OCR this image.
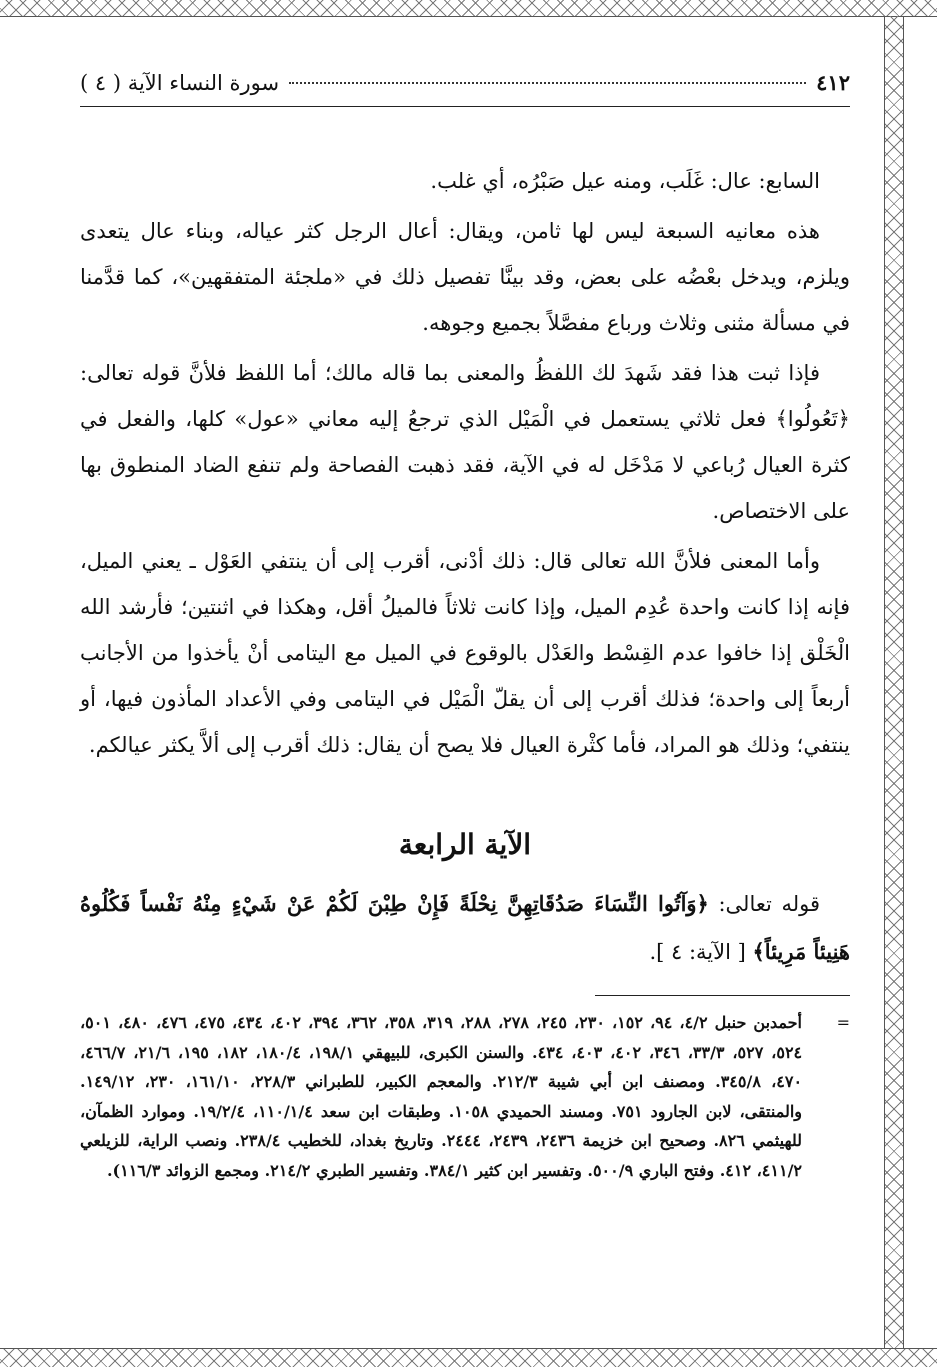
٤١٢
سورة النساء الآية ( ٤ )

السابع: عال: غَلَب، ومنه عيل صَبْرُه، أي غلب.

هذه معانيه السبعة ليس لها ثامن، ويقال: أعال الرجل كثر عياله، وبناء عال يتعدى ويلزم، ويدخل بعْضُه على بعض، وقد بينَّا تفصيل ذلك في «ملجئة المتفقهين»، كما قدَّمنا في مسألة مثنى وثلاث ورباع مفصَّلاً بجميع وجوهه.

فإذا ثبت هذا فقد شَهدَ لك اللفظُ والمعنى بما قاله مالك؛ أما اللفظ فلأنَّ قوله تعالى: ﴿تَعُولُوا﴾ فعل ثلاثي يستعمل في الْمَيْل الذي ترجعُ إليه معاني «عول» كلها، والفعل في كثرة العيال رُباعي لا مَدْخَل له في الآية، فقد ذهبت الفصاحة ولم تنفع الضاد المنطوق بها على الاختصاص.

وأما المعنى فلأنَّ الله تعالى قال: ذلك أدْنى، أقرب إلى أن ينتفي العَوْل ـ يعني الميل، فإنه إذا كانت واحدة عُدِم الميل، وإذا كانت ثلاثاً فالميلُ أقل، وهكذا في اثنتين؛ فأرشد الله الْخَلْق إذا خافوا عدم القِسْط والعَدْل بالوقوع في الميل مع اليتامى أنْ يأخذوا من الأجانب أربعاً إلى واحدة؛ فذلك أقرب إلى أن يقلّ الْمَيْل في اليتامى وفي الأعداد المأذون فيها، أو ينتفي؛ وذلك هو المراد، فأما كثْرة العيال فلا يصح أن يقال: ذلك أقرب إلى ألاَّ يكثر عيالكم.

الآية الرابعة

قوله تعالى: ﴿وَآتُوا النِّسَاءَ صَدُقَاتِهِنَّ نِحْلَةً فَإِنْ طِبْنَ لَكُمْ عَنْ شَيْءٍ مِنْهُ نَفْساً فَكُلُوهُ هَنِيئاً مَرِيئاً﴾ [ الآية: ٤ ].

=

أحمدبن حنبل ٤/٢، ٩٤، ١٥٢، ٢٣٠، ٢٤٥، ٢٧٨، ٢٨٨، ٣١٩، ٣٥٨، ٣٦٢، ٣٩٤، ٤٠٢، ٤٣٤، ٤٧٥، ٤٧٦، ٤٨٠، ٥٠١، ٥٢٤، ٥٢٧، ٣٣/٣، ٣٤٦، ٤٠٢، ٤٠٣، ٤٣٤. والسنن الكبرى، للبيهقي ١٩٨/١، ١٨٠/٤، ١٨٢، ١٩٥، ٢١/٦، ٤٦٦/٧، ٤٧٠، ٣٤٥/٨. ومصنف ابن أبي شيبة ٢١٢/٣. والمعجم الكبير، للطبراني ٢٢٨/٣، ١٦١/١٠، ٢٣٠، ١٤٩/١٢. والمنتقى، لابن الجارود ٧٥١. ومسند الحميدي ١٠٥٨. وطبقات ابن سعد ١١٠/١/٤، ١٩/٢/٤. وموارد الظمآن، للهيثمي ٨٢٦. وصحيح ابن خزيمة ٢٤٣٦، ٢٤٣٩، ٢٤٤٤. وتاريخ بغداد، للخطيب ٢٣٨/٤. ونصب الراية، للزيلعي ٤١١/٢، ٤١٢. وفتح الباري ٥٠٠/٩. وتفسير ابن كثير ٣٨٤/١. وتفسير الطبري ٢١٤/٢. ومجمع الزوائد ١١٦/٣).
